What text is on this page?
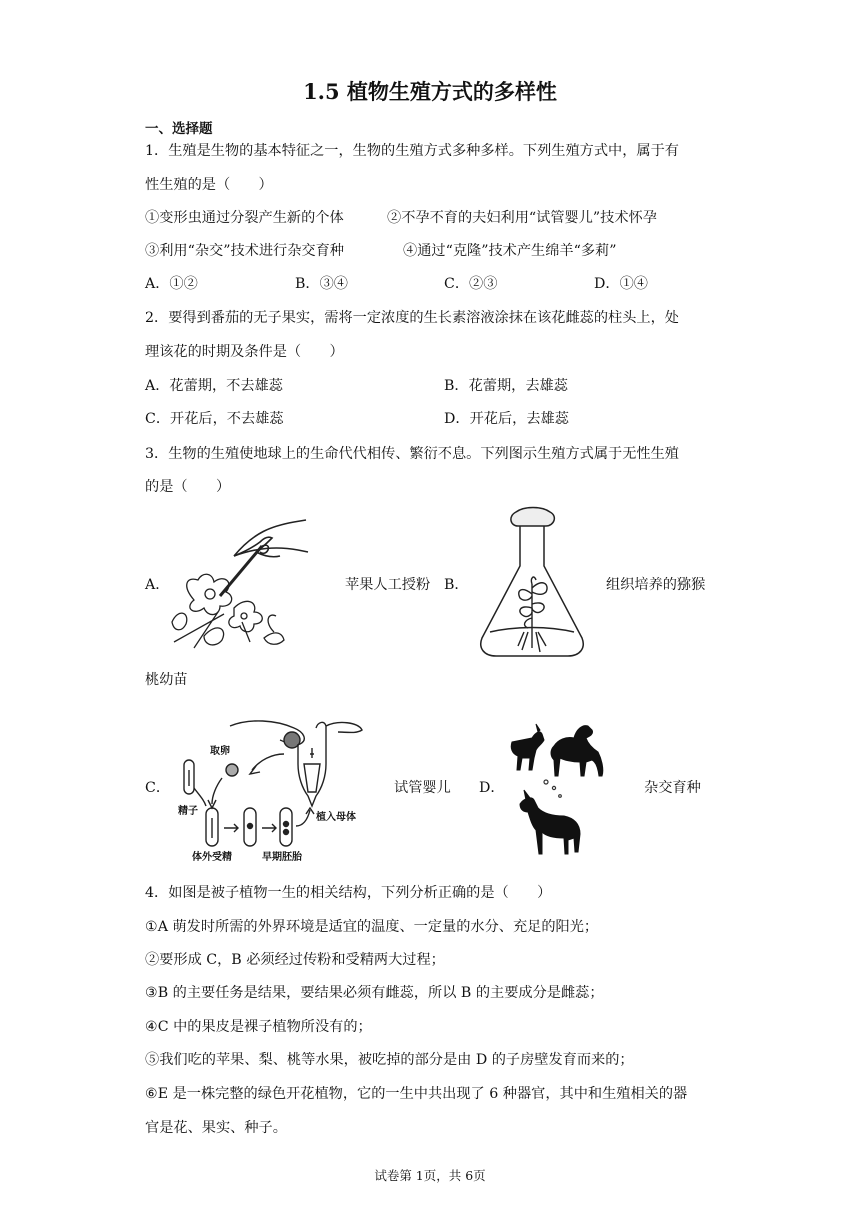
1.5 植物生殖方式的多样性
一、选择题
1．生殖是生物的基本特征之一，生物的生殖方式多种多样。下列生殖方式中，属于有
性生殖的是（　　）
①变形虫通过分裂产生新的个体	②不孕不育的夫妇利用“试管婴儿”技术怀孕
③利用“杂交”技术进行杂交育种	④通过“克隆”技术产生绵羊“多莉”
A．①②	B．③④	C．②③	D．①④
2．要得到番茄的无子果实，需将一定浓度的生长素溶液涂抹在该花雌蕊的柱头上，处
理该花的时期及条件是（　　）
A．花蕾期，不去雄蕊	B．花蕾期，去雄蕊
C．开花后，不去雄蕊	D．开花后，去雄蕊
3．生物的生殖使地球上的生命代代相传、繁衍不息。下列图示生殖方式属于无性生殖
的是（　　）
A．	苹果人工授粉 B．	组织培养的猕猴
桃幼苗
C．
取卵
精子
体外受精	早期胚胎
植入母体
试管婴儿 D．	杂交育种
4．如图是被子植物一生的相关结构，下列分析正确的是（　　）
①A 萌发时所需的外界环境是适宜的温度、一定量的水分、充足的阳光；
②要形成 C，B 必须经过传粉和受精两大过程；
③B 的主要任务是结果，要结果必须有雌蕊，所以 B 的主要成分是雌蕊；
④C 中的果皮是裸子植物所没有的；
⑤我们吃的苹果、梨、桃等水果，被吃掉的部分是由 D 的子房壁发育而来的；
⑥E 是一株完整的绿色开花植物，它的一生中共出现了 6 种器官，其中和生殖相关的器
官是花、果实、种子。
试卷第 1页，共 6页
